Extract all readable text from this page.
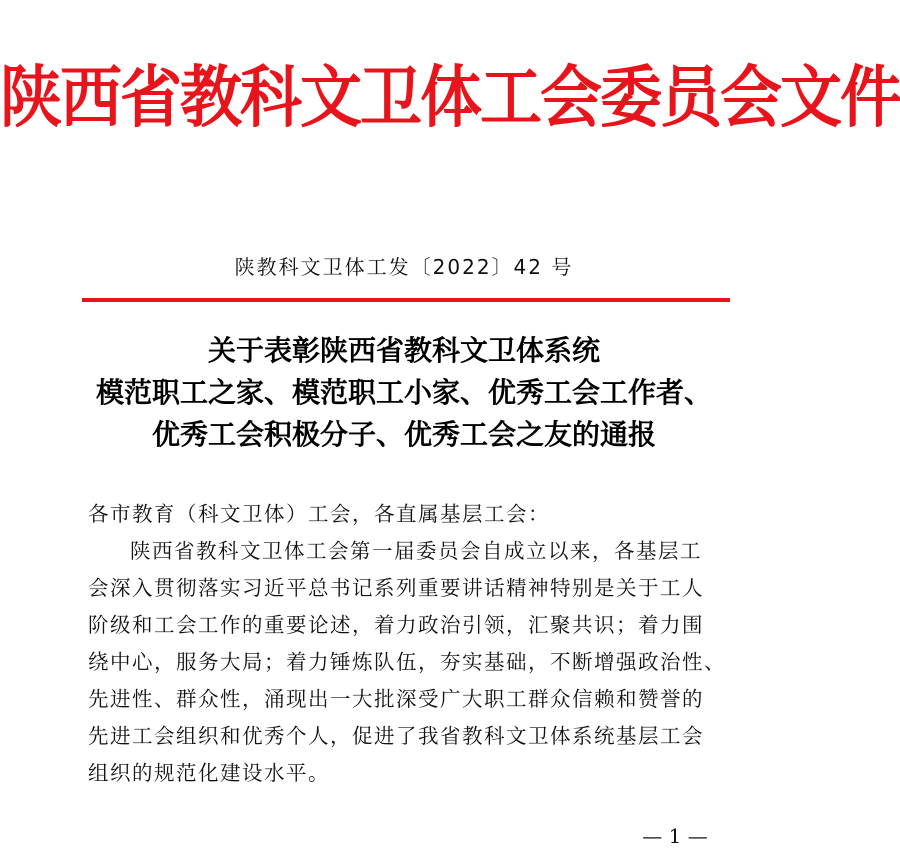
陕西省教科文卫体工会委员会文件
陕教科文卫体工发〔2022〕42 号
关于表彰陕西省教科文卫体系统
模范职工之家、模范职工小家、优秀工会工作者、
优秀工会积极分子、优秀工会之友的通报
各市教育（科文卫体）工会，各直属基层工会：
陕西省教科文卫体工会第一届委员会自成立以来，各基层工
会深入贯彻落实习近平总书记系列重要讲话精神特别是关于工人
阶级和工会工作的重要论述，着力政治引领，汇聚共识；着力围
绕中心，服务大局；着力锤炼队伍，夯实基础，不断增强政治性、
先进性、群众性，涌现出一大批深受广大职工群众信赖和赞誉的
先进工会组织和优秀个人，促进了我省教科文卫体系统基层工会
组织的规范化建设水平。
— 1 —
